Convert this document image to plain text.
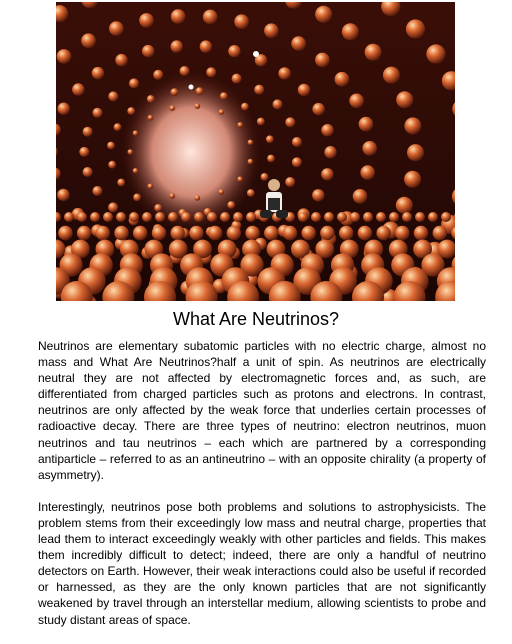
What Are Neutrinos?

Neutrinos are elementary subatomic particles with no electric charge, almost no mass and What Are Neutrinos?half a unit of spin. As neutrinos are electrically neutral they are not affected by electromagnetic forces and, as such, are differentiated from charged particles such as protons and electrons. In contrast, neutrinos are only affected by the weak force that underlies certain processes of radioactive decay. There are three types of neutrino: electron neutrinos, muon neutrinos and tau neutrinos – each which are partnered by a corresponding antiparticle – referred to as an antineutrino – with an opposite chirality (a property of asymmetry).

Interestingly, neutrinos pose both problems and solutions to astrophysicists. The problem stems from their exceedingly low mass and neutral charge, properties that lead them to interact exceedingly weakly with other particles and fields. This makes them incredibly difficult to detect; indeed, there are only a handful of neutrino detectors on Earth. However, their weak interactions could also be useful if recorded or harnessed, as they are the only known particles that are not significantly weakened by travel through an interstellar medium, allowing scientists to probe and study distant areas of space.
